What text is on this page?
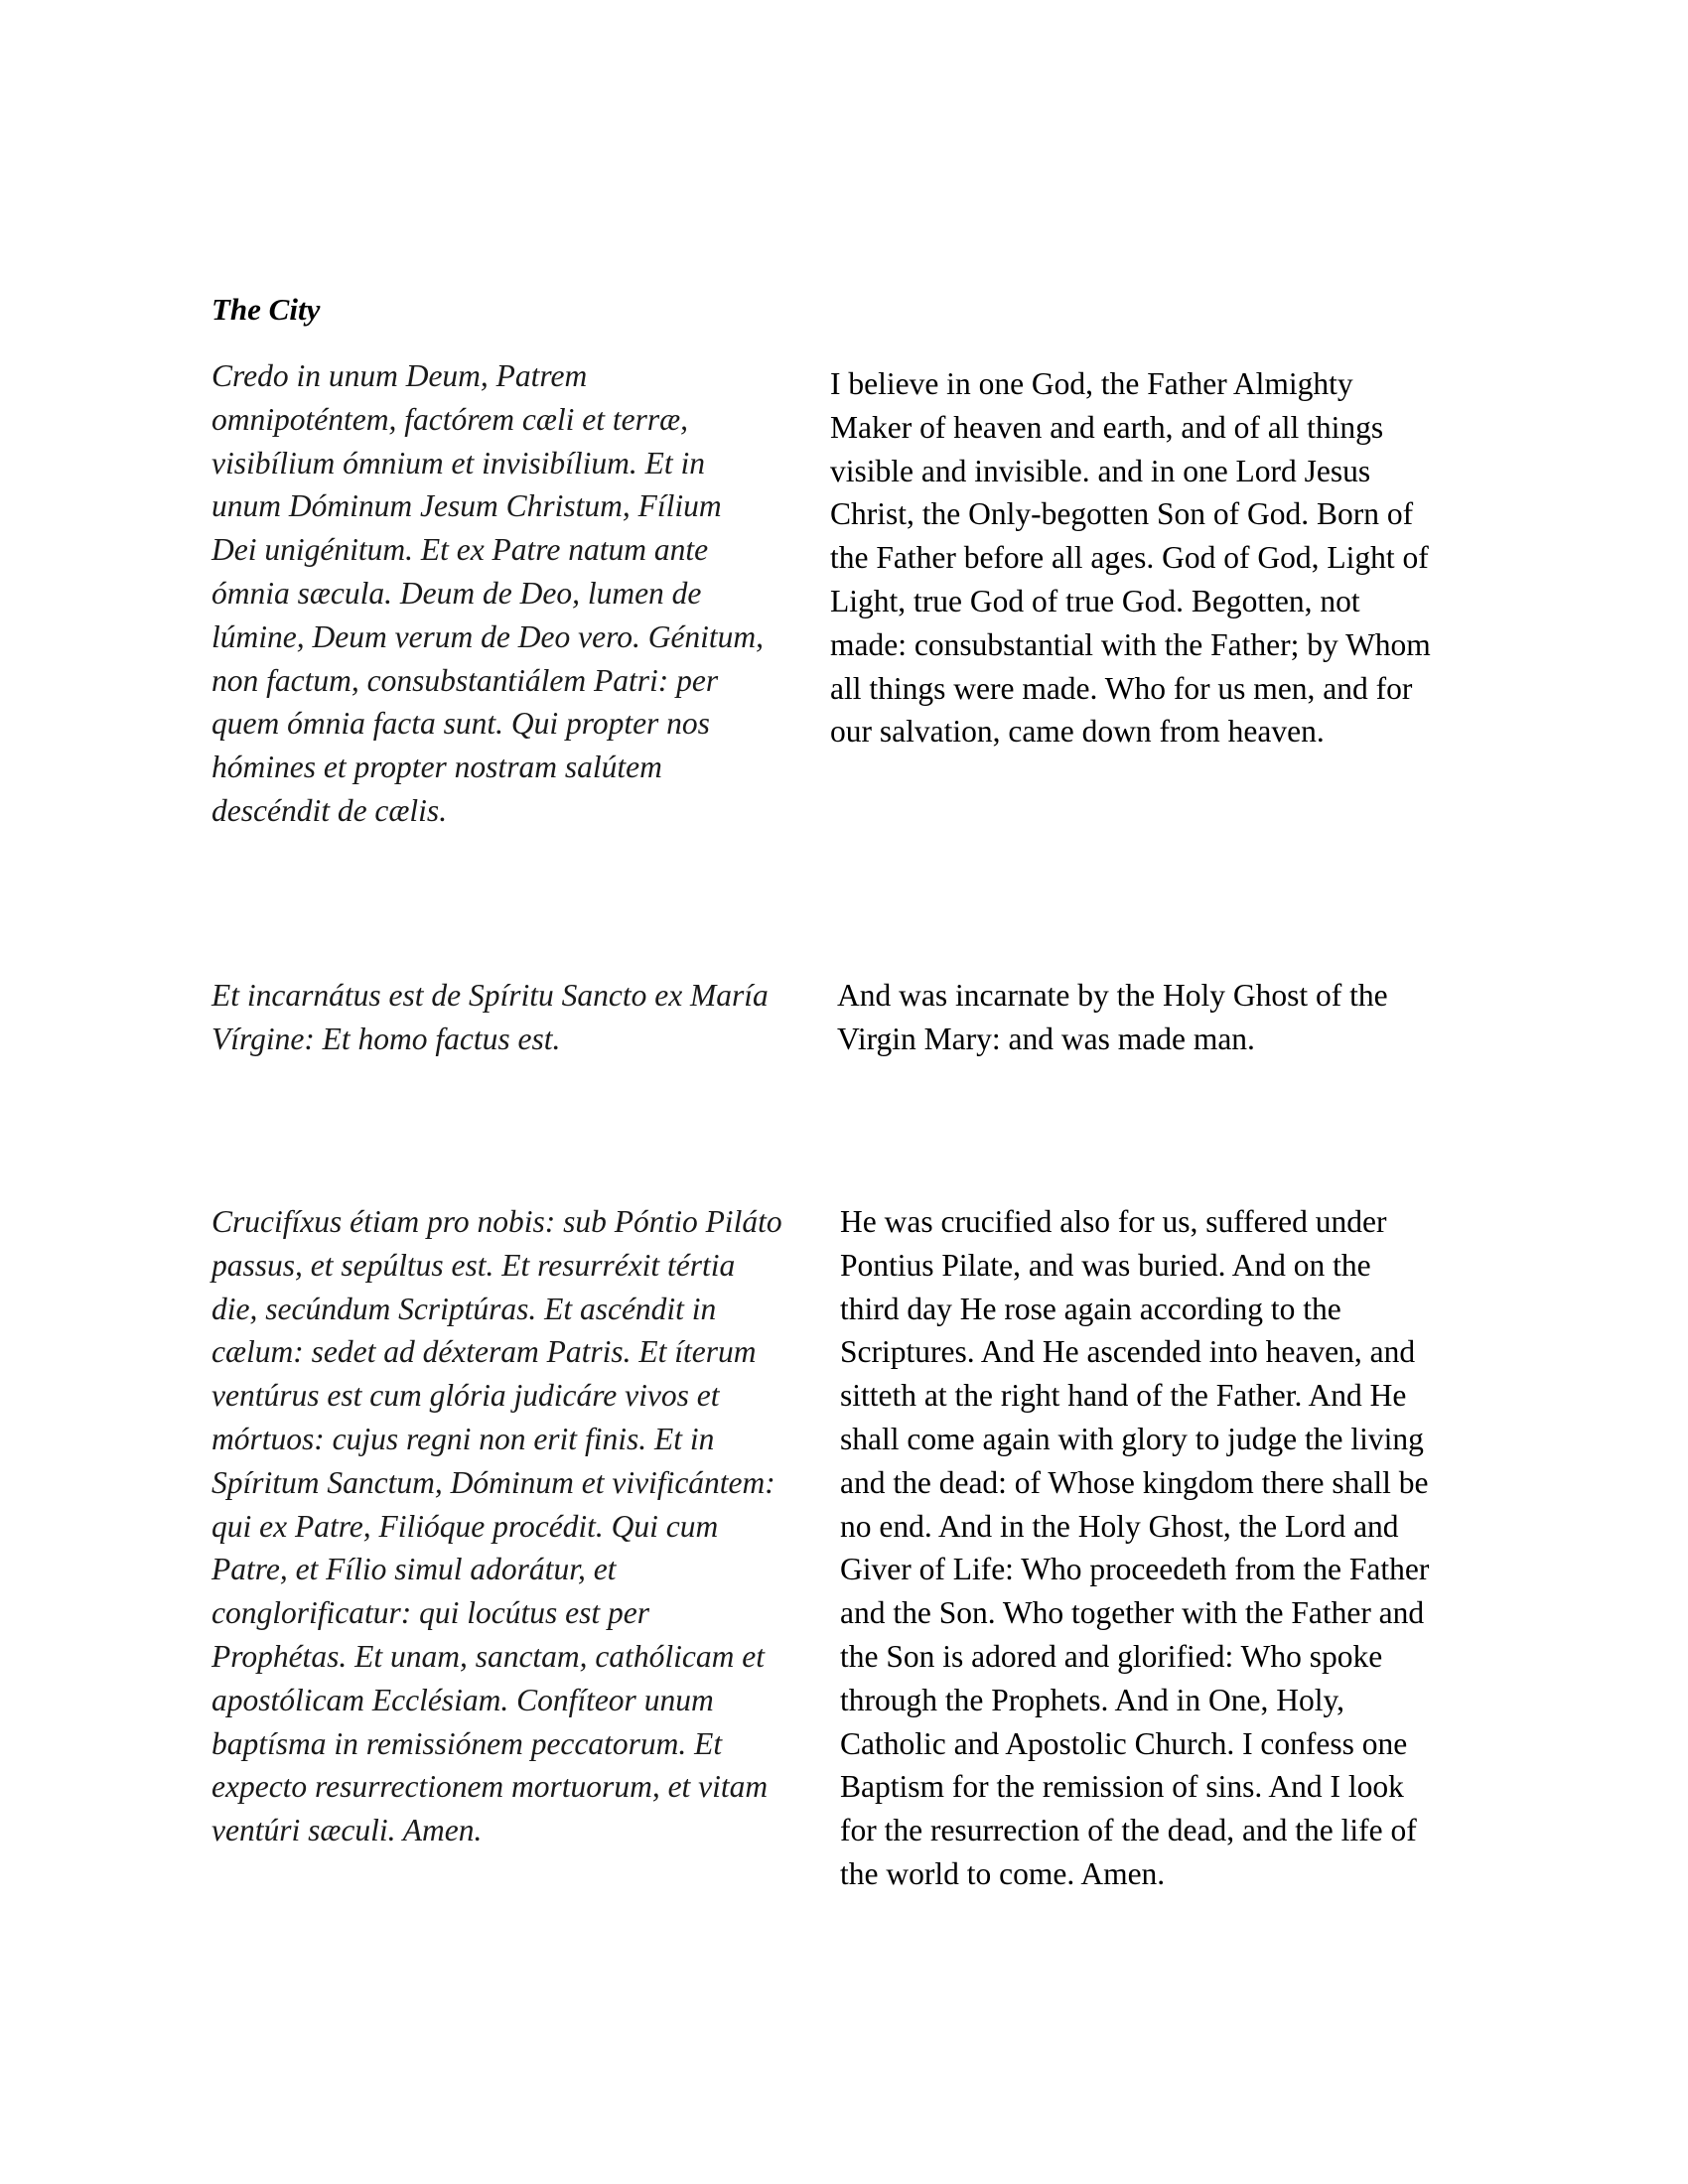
The City
Credo in unum Deum, Patrem
omnipoténtem, factórem cæli et terræ,
visibílium ómnium et invisibílium. Et in
unum Dóminum Jesum Christum, Fílium
Dei unigénitum. Et ex Patre natum ante
ómnia sæcula. Deum de Deo, lumen de
lúmine, Deum verum de Deo vero. Génitum,
non factum, consubstantiálem Patri: per
quem ómnia facta sunt. Qui propter nos
hómines et propter nostram salútem
descéndit de cælis.
I believe in one God, the Father Almighty
Maker of heaven and earth, and of all things
visible and invisible. and in one Lord Jesus
Christ, the Only-begotten Son of God. Born of
the Father before all ages. God of God, Light of
Light, true God of true God. Begotten, not
made: consubstantial with the Father; by Whom
all things were made. Who for us men, and for
our salvation, came down from heaven.
Et incarnátus est de Spíritu Sancto ex María
Vírgine: Et homo factus est.
And was incarnate by the Holy Ghost of the
Virgin Mary: and was made man.
Crucifíxus étiam pro nobis: sub Póntio Piláto
passus, et sepúltus est. Et resurréxit tértia
die, secúndum Scriptúras. Et ascéndit in
cælum: sedet ad déxteram Patris. Et íterum
ventúrus est cum glória judicáre vivos et
mórtuos: cujus regni non erit finis. Et in
Spíritum Sanctum, Dóminum et vivificántem:
qui ex Patre, Filióque procédit. Qui cum
Patre, et Fílio simul adorátur, et
conglorificatur: qui locútus est per
Prophétas. Et unam, sanctam, cathólicam et
apostólicam Ecclésiam. Confíteor unum
baptísma in remissiónem peccatorum. Et
expecto resurrectionem mortuorum, et vitam
ventúri sæculi. Amen.
He was crucified also for us, suffered under
Pontius Pilate, and was buried. And on the
third day He rose again according to the
Scriptures. And He ascended into heaven, and
sitteth at the right hand of the Father. And He
shall come again with glory to judge the living
and the dead: of Whose kingdom there shall be
no end. And in the Holy Ghost, the Lord and
Giver of Life: Who proceedeth from the Father
and the Son. Who together with the Father and
the Son is adored and glorified: Who spoke
through the Prophets. And in One, Holy,
Catholic and Apostolic Church. I confess one
Baptism for the remission of sins. And I look
for the resurrection of the dead, and the life of
the world to come. Amen.
